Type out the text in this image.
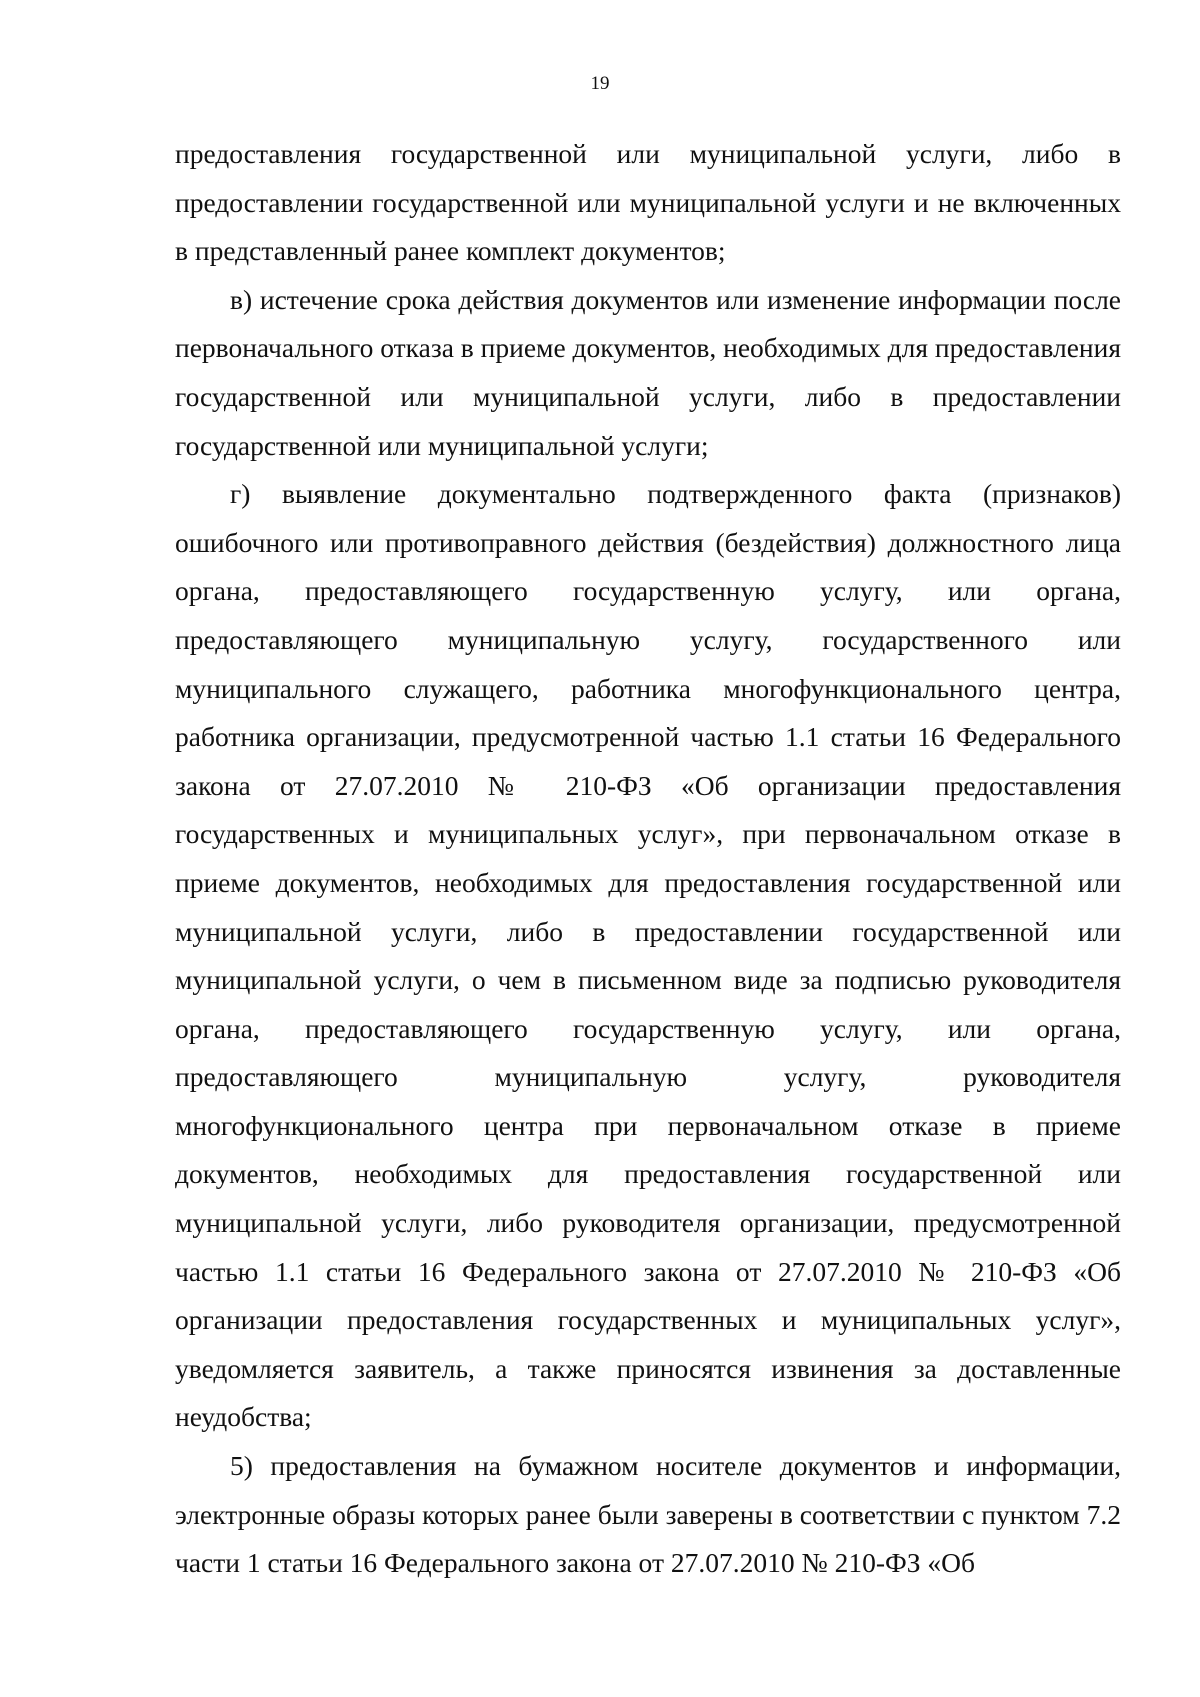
19

предоставления государственной или муниципальной услуги, либо в предоставлении государственной или муниципальной услуги и не включенных в представленный ранее комплект документов;

в) истечение срока действия документов или изменение информации после первоначального отказа в приеме документов, необходимых для предоставления государственной или муниципальной услуги, либо в предоставлении государственной или муниципальной услуги;

г) выявление документально подтвержденного факта (признаков) ошибочного или противоправного действия (бездействия) должностного лица органа, предоставляющего государственную услугу, или органа, предоставляющего муниципальную услугу, государственного или муниципального служащего, работника многофункционального центра, работника организации, предусмотренной частью 1.1 статьи 16 Федерального закона от 27.07.2010 № 210-ФЗ «Об организации предоставления государственных и муниципальных услуг», при первоначальном отказе в приеме документов, необходимых для предоставления государственной или муниципальной услуги, либо в предоставлении государственной или муниципальной услуги, о чем в письменном виде за подписью руководителя органа, предоставляющего государственную услугу, или органа, предоставляющего муниципальную услугу, руководителя многофункционального центра при первоначальном отказе в приеме документов, необходимых для предоставления государственной или муниципальной услуги, либо руководителя организации, предусмотренной частью 1.1 статьи 16 Федерального закона от 27.07.2010 № 210-ФЗ «Об организации предоставления государственных и муниципальных услуг», уведомляется заявитель, а также приносятся извинения за доставленные неудобства;

5) предоставления на бумажном носителе документов и информации, электронные образы которых ранее были заверены в соответствии с пунктом 7.2 части 1 статьи 16 Федерального закона от 27.07.2010 № 210-ФЗ «Об
